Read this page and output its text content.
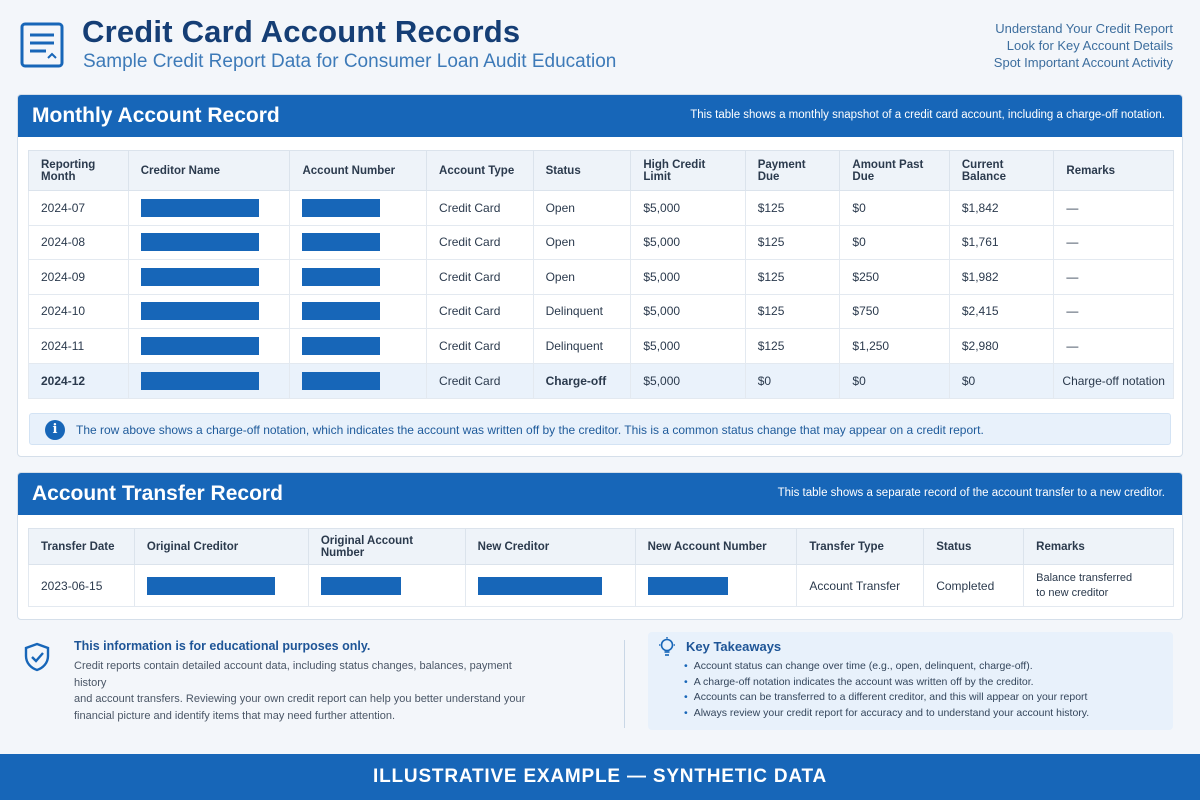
Credit Card Account Records
Sample Credit Report Data for Consumer Loan Audit Education
Understand Your Credit Report
Look for Key Account Details
Spot Important Account Activity
Monthly Account Record	This table shows a monthly snapshot of a credit card account, including a charge-off notation.
Reporting Month	Creditor Name	Account Number	Account Type	Status	High Credit Limit	Payment Due	Amount Past Due	Current Balance	Remarks
2024-07			Credit Card	Open	$5,000	$125	$0	$1,842	—
2024-08			Credit Card	Open	$5,000	$125	$0	$1,761	—
2024-09			Credit Card	Open	$5,000	$125	$250	$1,982	—
2024-10			Credit Card	Delinquent	$5,000	$125	$750	$2,415	—
2024-11			Credit Card	Delinquent	$5,000	$125	$1,250	$2,980	—
2024-12			Credit Card	Charge-off	$5,000	$0	$0	$0	Charge-off notation
i	The row above shows a charge-off notation, which indicates the account was written off by the creditor. This is a common status change that may appear on a credit report.
Account Transfer Record	This table shows a separate record of the account transfer to a new creditor.
Transfer Date	Original Creditor	Original Account Number	New Creditor	New Account Number	Transfer Type	Status	Remarks
2023-06-15					Account Transfer	Completed	Balance transferred
to new creditor
This information is for educational purposes only.
Credit reports contain detailed account data, including status changes, balances, payment history
and account transfers. Reviewing your own credit report can help you better understand your
financial picture and identify items that may need further attention.
Key Takeaways
• Account status can change over time (e.g., open, delinquent, charge-off).
• A charge-off notation indicates the account was written off by the creditor.
• Accounts can be transferred to a different creditor, and this will appear on your report
• Always review your credit report for accuracy and to understand your account history.
ILLUSTRATIVE EXAMPLE — SYNTHETIC DATA
